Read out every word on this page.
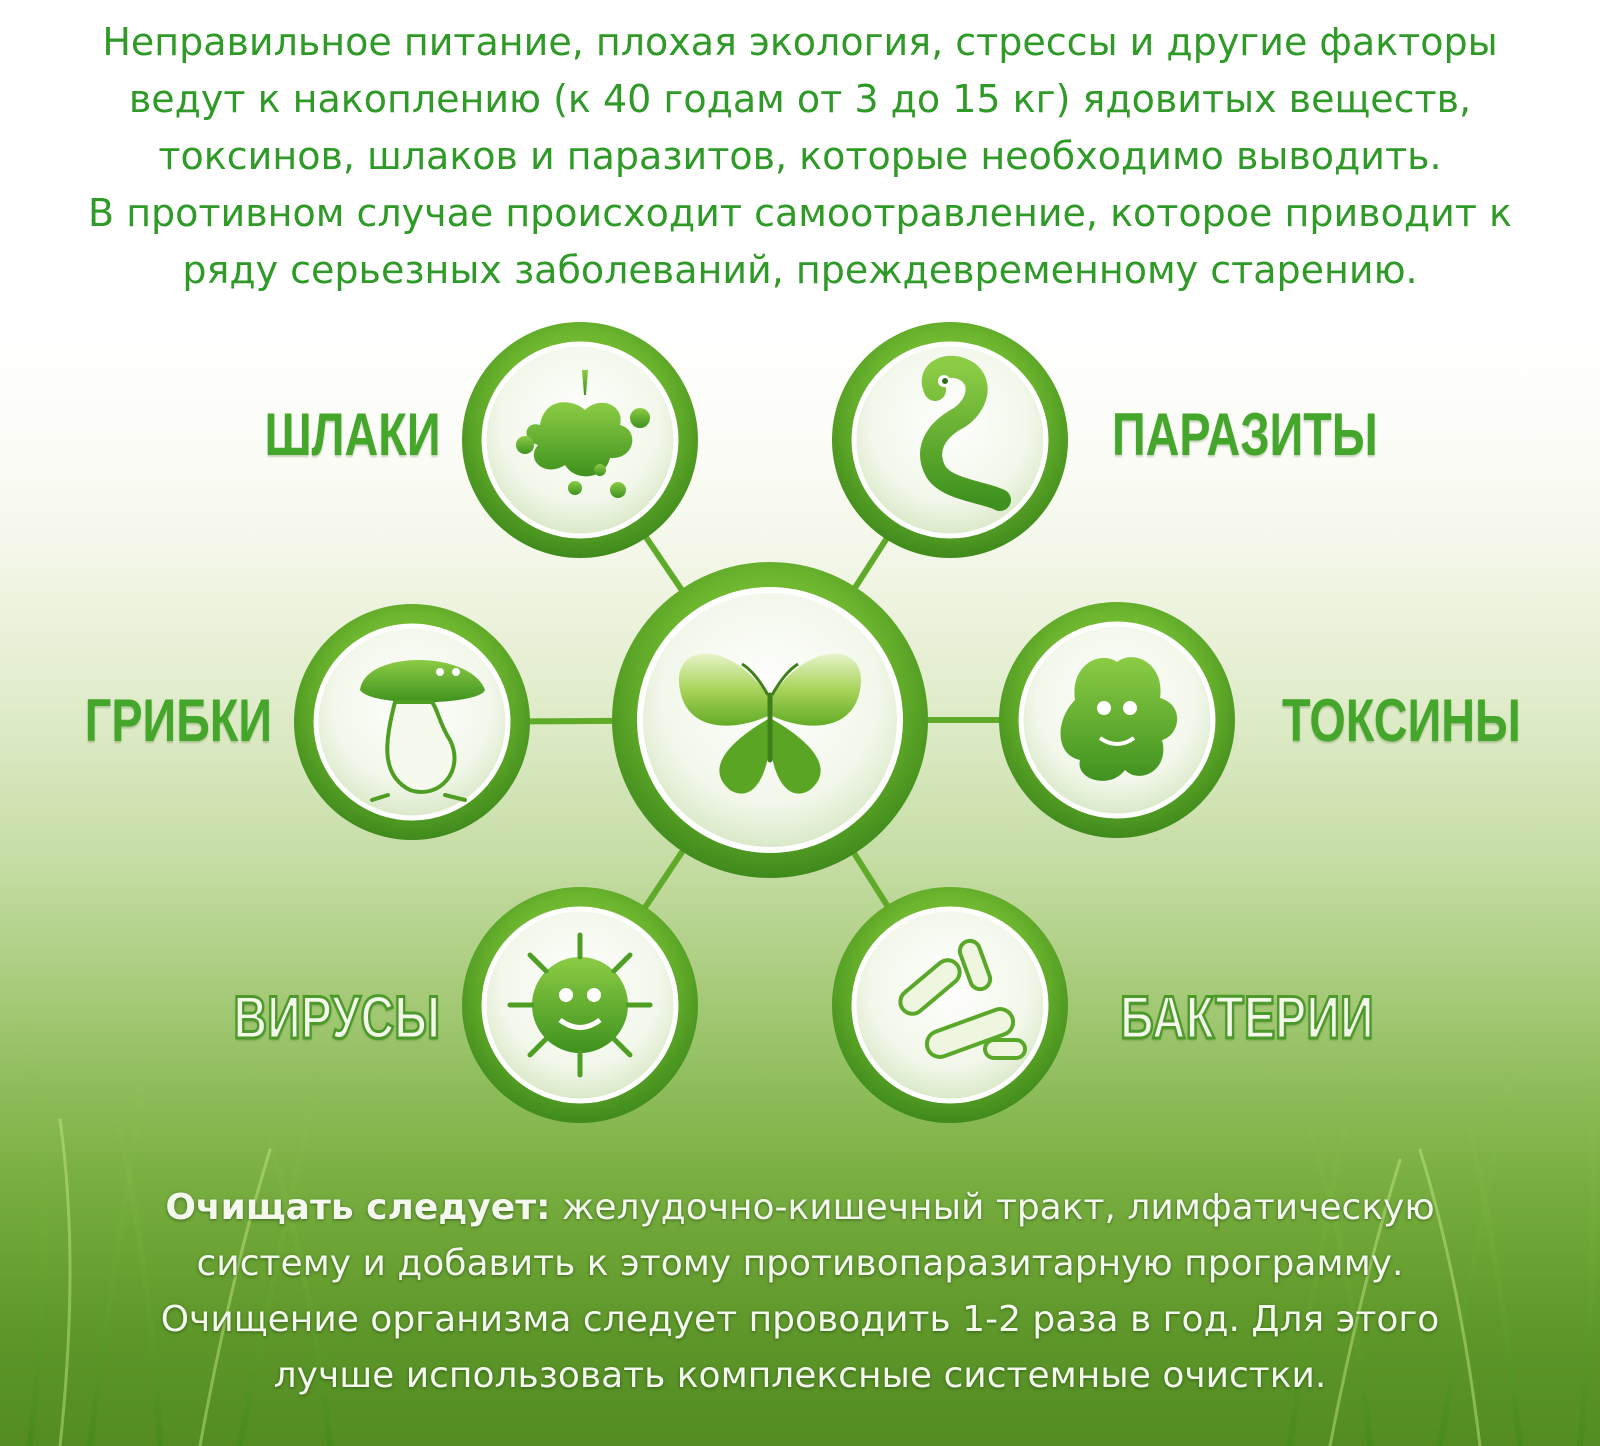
Неправильное питание, плохая экология, стрессы и другие факторы
ведут к накоплению (к 40 годам от 3 до 15 кг) ядовитых веществ,
токсинов, шлаков и паразитов, которые необходимо выводить.
В противном случае происходит самоотравление, которое приводит к
ряду серьезных заболеваний, преждевременному старению.
ШЛАКИ	ПАРАЗИТЫ
ГРИБКИ	ТОКСИНЫ
ВИРУСЫ	БАКТЕРИИ
Очищать следует: желудочно-кишечный тракт, лимфатическую
систему и добавить к этому противопаразитарную программу.
Очищение организма следует проводить 1-2 раза в год. Для этого
лучше использовать комплексные системные очистки.
